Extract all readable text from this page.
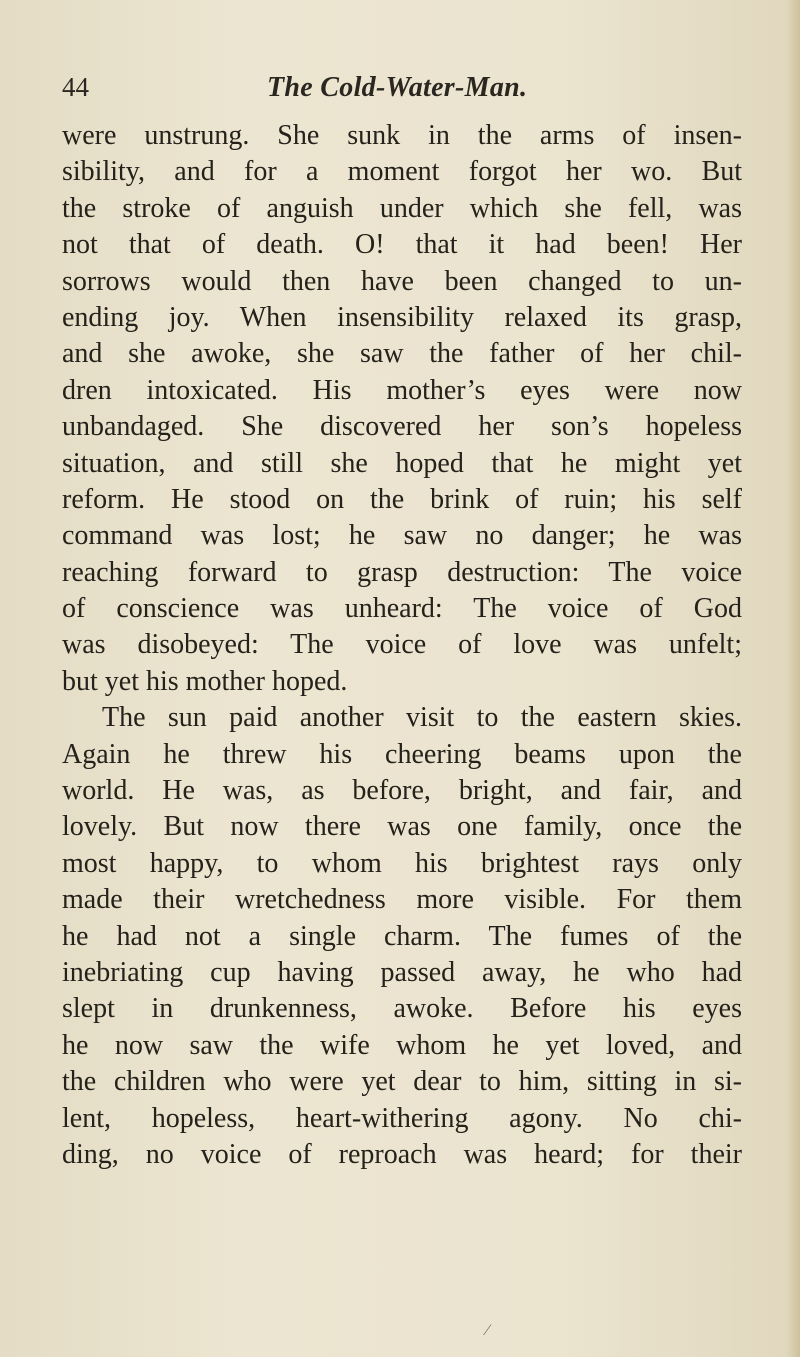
44	The Cold-Water-Man.
were unstrung. She sunk in the arms of insen-
sibility, and for a moment forgot her wo. But
the stroke of anguish under which she fell, was
not that of death. O! that it had been! Her
sorrows would then have been changed to un-
ending joy. When insensibility relaxed its grasp,
and she awoke, she saw the father of her chil-
dren intoxicated. His mother’s eyes were now
unbandaged. She discovered her son’s hopeless
situation, and still she hoped that he might yet
reform. He stood on the brink of ruin; his self
command was lost; he saw no danger; he was
reaching forward to grasp destruction: The voice
of conscience was unheard: The voice of God
was disobeyed: The voice of love was unfelt;
but yet his mother hoped.
The sun paid another visit to the eastern skies.
Again he threw his cheering beams upon the
world. He was, as before, bright, and fair, and
lovely. But now there was one family, once the
most happy, to whom his brightest rays only
made their wretchedness more visible. For them
he had not a single charm. The fumes of the
inebriating cup having passed away, he who had
slept in drunkenness, awoke. Before his eyes
he now saw the wife whom he yet loved, and
the children who were yet dear to him, sitting in si-
lent, hopeless, heart-withering agony. No chi-
ding, no voice of reproach was heard; for their
⁄
